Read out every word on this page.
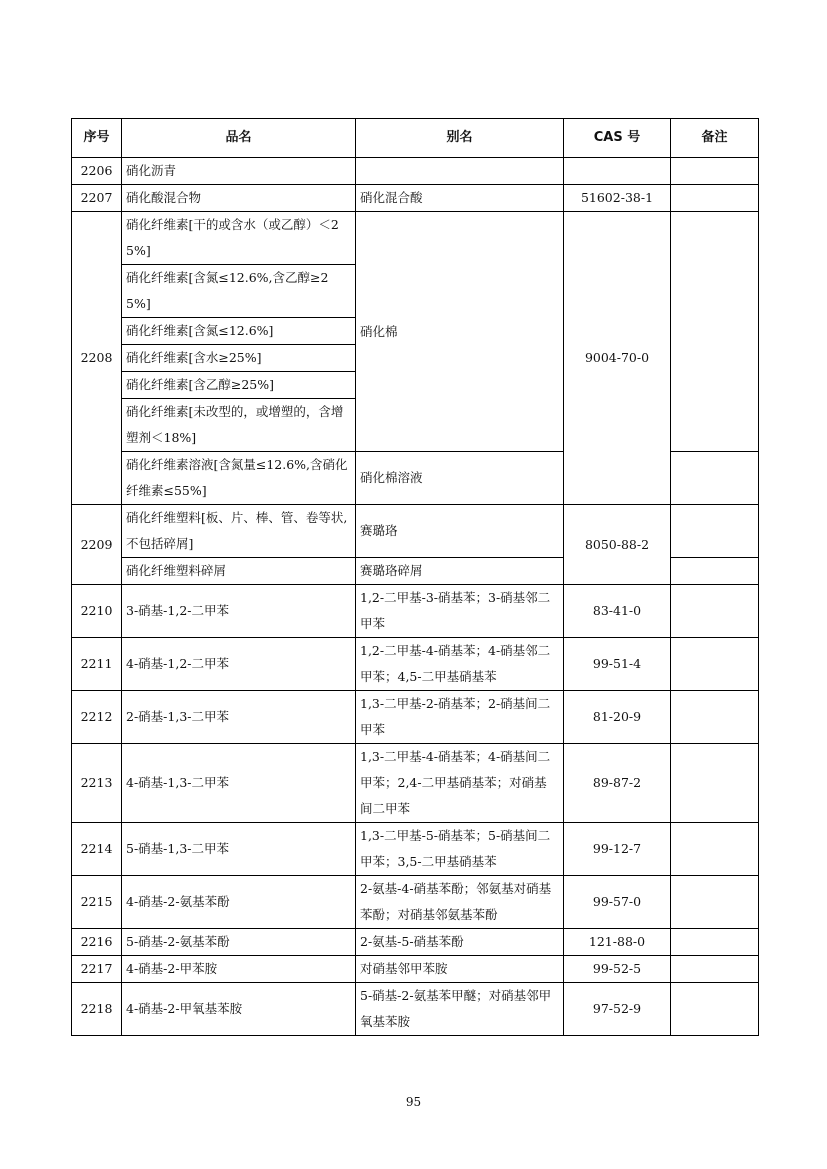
序号	品名	别名	CAS 号	备注
2206	硝化沥青			
2207	硝化酸混合物	硝化混合酸	51602-38-1	
2208	硝化纤维素[干的或含水（或乙醇）＜25%]	硝化棉	9004-70-0	
	硝化纤维素[含氮≤12.6%,含乙醇≥25%]			
	硝化纤维素[含氮≤12.6%]			
	硝化纤维素[含水≥25%]			
	硝化纤维素[含乙醇≥25%]			
	硝化纤维素[未改型的，或增塑的，含增塑剂＜18%]			
	硝化纤维素溶液[含氮量≤12.6%,含硝化纤维素≤55%]	硝化棉溶液		
2209	硝化纤维塑料[板、片、棒、管、卷等状,不包括碎屑]	赛璐珞	8050-88-2	
	硝化纤维塑料碎屑	赛璐珞碎屑		
2210	3-硝基-1,2-二甲苯	1,2-二甲基-3-硝基苯；3-硝基邻二甲苯	83-41-0	
2211	4-硝基-1,2-二甲苯	1,2-二甲基-4-硝基苯；4-硝基邻二甲苯；4,5-二甲基硝基苯	99-51-4	
2212	2-硝基-1,3-二甲苯	1,3-二甲基-2-硝基苯；2-硝基间二甲苯	81-20-9	
2213	4-硝基-1,3-二甲苯	1,3-二甲基-4-硝基苯；4-硝基间二甲苯；2,4-二甲基硝基苯；对硝基间二甲苯	89-87-2	
2214	5-硝基-1,3-二甲苯	1,3-二甲基-5-硝基苯；5-硝基间二甲苯；3,5-二甲基硝基苯	99-12-7	
2215	4-硝基-2-氨基苯酚	2-氨基-4-硝基苯酚；邻氨基对硝基苯酚；对硝基邻氨基苯酚	99-57-0	
2216	5-硝基-2-氨基苯酚	2-氨基-5-硝基苯酚	121-88-0	
2217	4-硝基-2-甲苯胺	对硝基邻甲苯胺	99-52-5	
2218	4-硝基-2-甲氧基苯胺	5-硝基-2-氨基苯甲醚；对硝基邻甲氧基苯胺	97-52-9	
95
